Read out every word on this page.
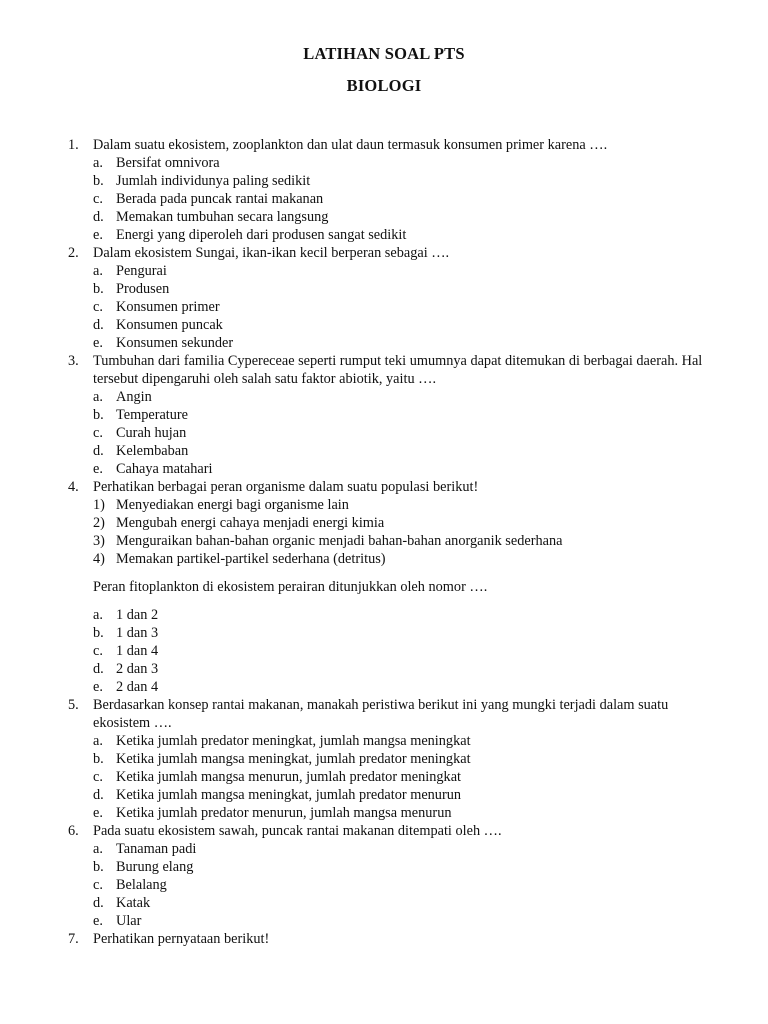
LATIHAN SOAL PTS
BIOLOGI
1. Dalam suatu ekosistem, zooplankton dan ulat daun termasuk konsumen primer karena ….
a. Bersifat omnivora
b. Jumlah individunya paling sedikit
c. Berada pada puncak rantai makanan
d. Memakan tumbuhan secara langsung
e. Energi yang diperoleh dari produsen sangat sedikit
2. Dalam ekosistem Sungai, ikan-ikan kecil berperan sebagai ….
a. Pengurai
b. Produsen
c. Konsumen primer
d. Konsumen puncak
e. Konsumen sekunder
3. Tumbuhan dari familia Cypereceae seperti rumput teki umumnya dapat ditemukan di berbagai daerah. Hal tersebut dipengaruhi oleh salah satu faktor abiotik, yaitu ….
a. Angin
b. Temperature
c. Curah hujan
d. Kelembaban
e. Cahaya matahari
4. Perhatikan berbagai peran organisme dalam suatu populasi berikut!
1) Menyediakan energi bagi organisme lain
2) Mengubah energi cahaya menjadi energi kimia
3) Menguraikan bahan-bahan organic menjadi bahan-bahan anorganik sederhana
4) Memakan partikel-partikel sederhana (detritus)
Peran fitoplankton di ekosistem perairan ditunjukkan oleh nomor ….
a. 1 dan 2
b. 1 dan 3
c. 1 dan 4
d. 2 dan 3
e. 2 dan 4
5. Berdasarkan konsep rantai makanan, manakah peristiwa berikut ini yang mungki terjadi dalam suatu ekosistem ….
a. Ketika jumlah predator meningkat, jumlah mangsa meningkat
b. Ketika jumlah mangsa meningkat, jumlah predator meningkat
c. Ketika jumlah mangsa menurun, jumlah predator meningkat
d. Ketika jumlah mangsa meningkat, jumlah predator menurun
e. Ketika jumlah predator menurun, jumlah mangsa menurun
6. Pada suatu ekosistem sawah, puncak rantai makanan ditempati oleh ….
a. Tanaman padi
b. Burung elang
c. Belalang
d. Katak
e. Ular
7. Perhatikan pernyataan berikut!
